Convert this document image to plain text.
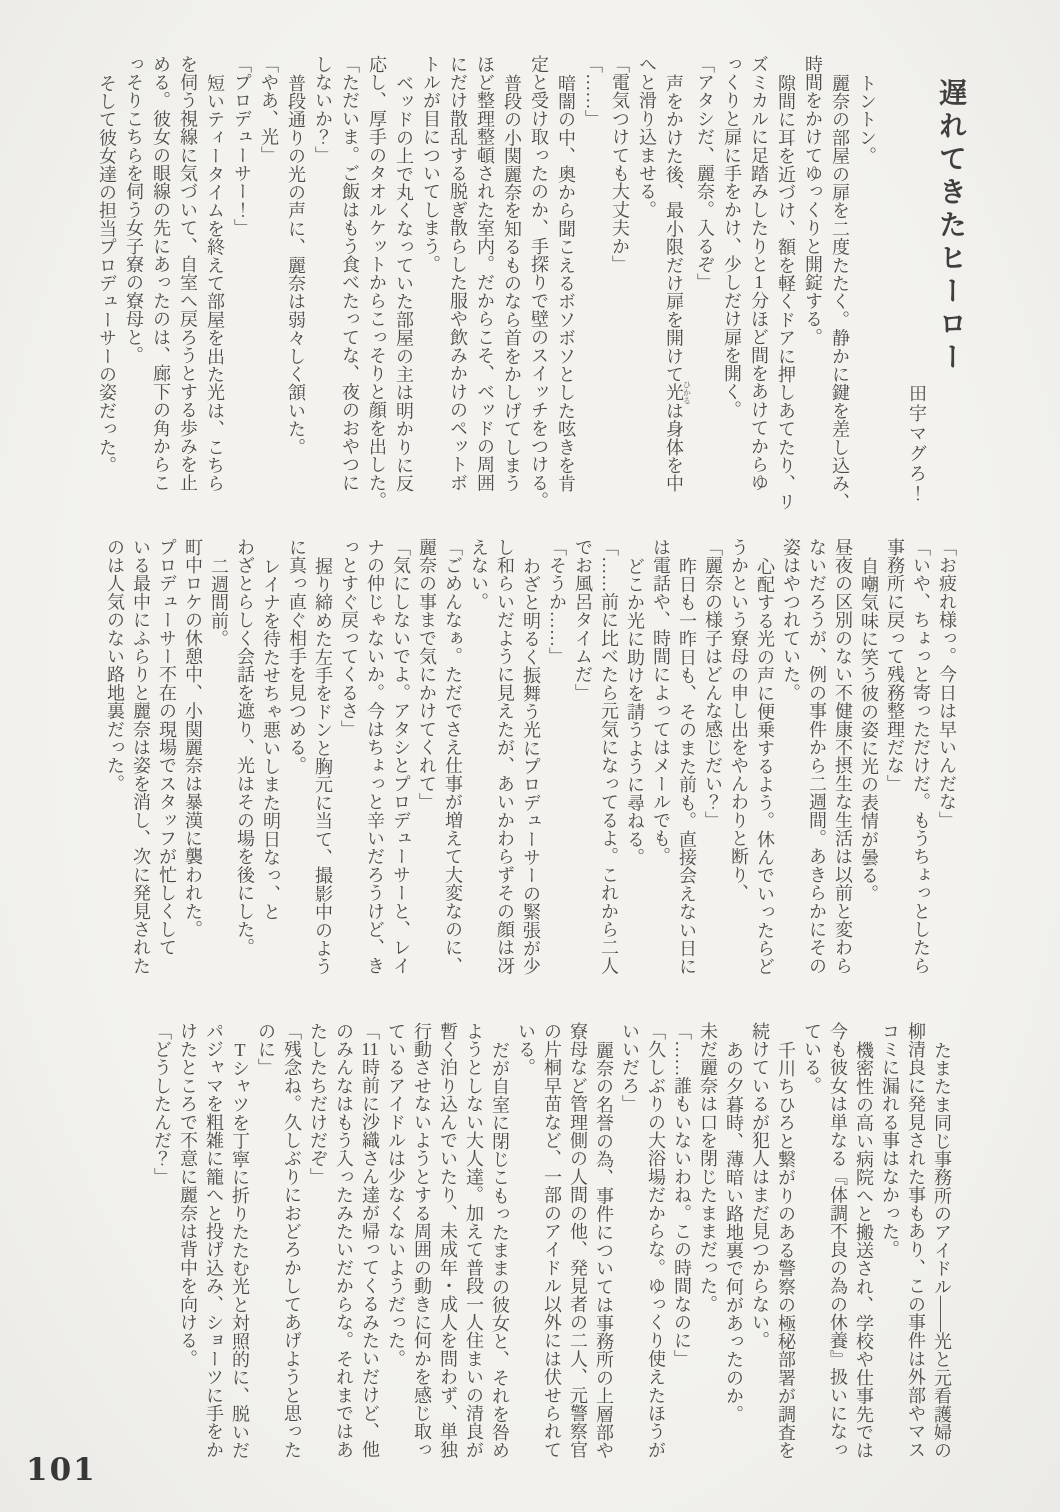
遅れてきたヒーロー
田宇マグろ！
トントン。
麗奈の部屋の扉を二度たたく。静かに鍵を差し込み、
時間をかけてゆっくりと開錠する。
隙間に耳を近づけ、額を軽くドアに押しあてたり、リ
ズミカルに足踏みしたりと1分ほど間をあけてからゆ
っくりと扉に手をかけ、少しだけ扉を開く。
「アタシだ、麗奈。入るぞ」
声をかけた後、最小限だけ扉を開けて光ひかるは身体を中
へと滑り込ませる。
「電気つけても大丈夫か」
「……」
暗闇の中、奥から聞こえるボソボソとした呟きを肯
定と受け取ったのか、手探りで壁のスイッチをつける。
普段の小関麗奈を知るものなら首をかしげてしまう
ほど整理整頓された室内。だからこそ、ベッドの周囲
にだけ散乱する脱ぎ散らした服や飲みかけのペットボ
トルが目についてしまう。
ベッドの上で丸くなっていた部屋の主は明かりに反
応し、厚手のタオルケットからこっそりと顔を出した。
「ただいま。ご飯はもう食べたってな、夜のおやつに
しないか？」
普段通りの光の声に、麗奈は弱々しく頷いた。
「やあ、光」
「プロデューサー！」
短いティータイムを終えて部屋を出た光は、こちら
を伺う視線に気づいて、自室へ戻ろうとする歩みを止
める。彼女の眼線の先にあったのは、廊下の角からこ
っそりこちらを伺う女子寮の寮母と。
そして彼女達の担当プロデューサーの姿だった。
「お疲れ様っ。今日は早いんだな」
「いや、ちょっと寄っただけだ。もうちょっとしたら
事務所に戻って残務整理だな」
自嘲気味に笑う彼の姿に光の表情が曇る。
昼夜の区別のない不健康不摂生な生活は以前と変わら
ないだろうが、例の事件から二週間。あきらかにその
姿はやつれていた。
心配する光の声に便乗するよう。休んでいったらど
うかという寮母の申し出をやんわりと断り、
「麗奈の様子はどんな感じだい？」
昨日も一昨日も、そのまた前も。直接会えない日に
は電話や、時間によってはメールでも。
どこか光に助けを請うように尋ねる。
「……前に比べたら元気になってるよ。これから二人
でお風呂タイムだ」
「そうか……」
わざと明るく振舞う光にプロデューサーの緊張が少
し和らいだように見えたが、あいかわらずその顔は冴
えない。
「ごめんなぁ。ただでさえ仕事が増えて大変なのに、
麗奈の事まで気にかけてくれて」
「気にしないでよ。アタシとプロデューサーと、レイ
ナの仲じゃないか。今はちょっと辛いだろうけど、き
っとすぐ戻ってくるさ」
握り締めた左手をドンと胸元に当て、撮影中のよう
に真っ直ぐ相手を見つめる。
レイナを待たせちゃ悪いしまた明日なっ、と
わざとらしく会話を遮り、光はその場を後にした。
二週間前。
町中ロケの休憩中、小関麗奈は暴漢に襲われた。
プロデューサー不在の現場でスタッフが忙しくして
いる最中にふらりと麗奈は姿を消し、次に発見された
のは人気のない路地裏だった。
たまたま同じ事務所のアイドル――光と元看護婦の
柳清良に発見された事もあり、この事件は外部やマス
コミに漏れる事はなかった。
機密性の高い病院へと搬送され、学校や仕事先では
今も彼女は単なる『体調不良の為の休養』扱いになっ
ている。
千川ちひろと繋がりのある警察の極秘部署が調査を
続けているが犯人はまだ見つからない。
あの夕暮時、薄暗い路地裏で何があったのか。
未だ麗奈は口を閉じたままだった。
「……誰もいないわね。この時間なのに」
「久しぶりの大浴場だからな。ゆっくり使えたほうが
いいだろ」
麗奈の名誉の為、事件については事務所の上層部や
寮母など管理側の人間の他、発見者の二人、元警察官
の片桐早苗など、一部のアイドル以外には伏せられて
いる。
だが自室に閉じこもったままの彼女と、それを咎め
ようとしない大人達。加えて普段一人住まいの清良が
暫く泊り込んでいたり、未成年・成人を問わず、単独
行動させないようとする周囲の動きに何かを感じ取っ
ているアイドルは少なくないようだった。
「11時前に沙織さん達が帰ってくるみたいだけど、他
のみんなはもう入ったみたいだからな。それまではあ
たしたちだけだぞ」
「残念ね。久しぶりにおどろかしてあげようと思った
のに」
Tシャツを丁寧に折りたたむ光と対照的に、脱いだ
パジャマを粗雑に籠へと投げ込み、ショーツに手をか
けたところで不意に麗奈は背中を向ける。
「どうしたんだ？」
101
